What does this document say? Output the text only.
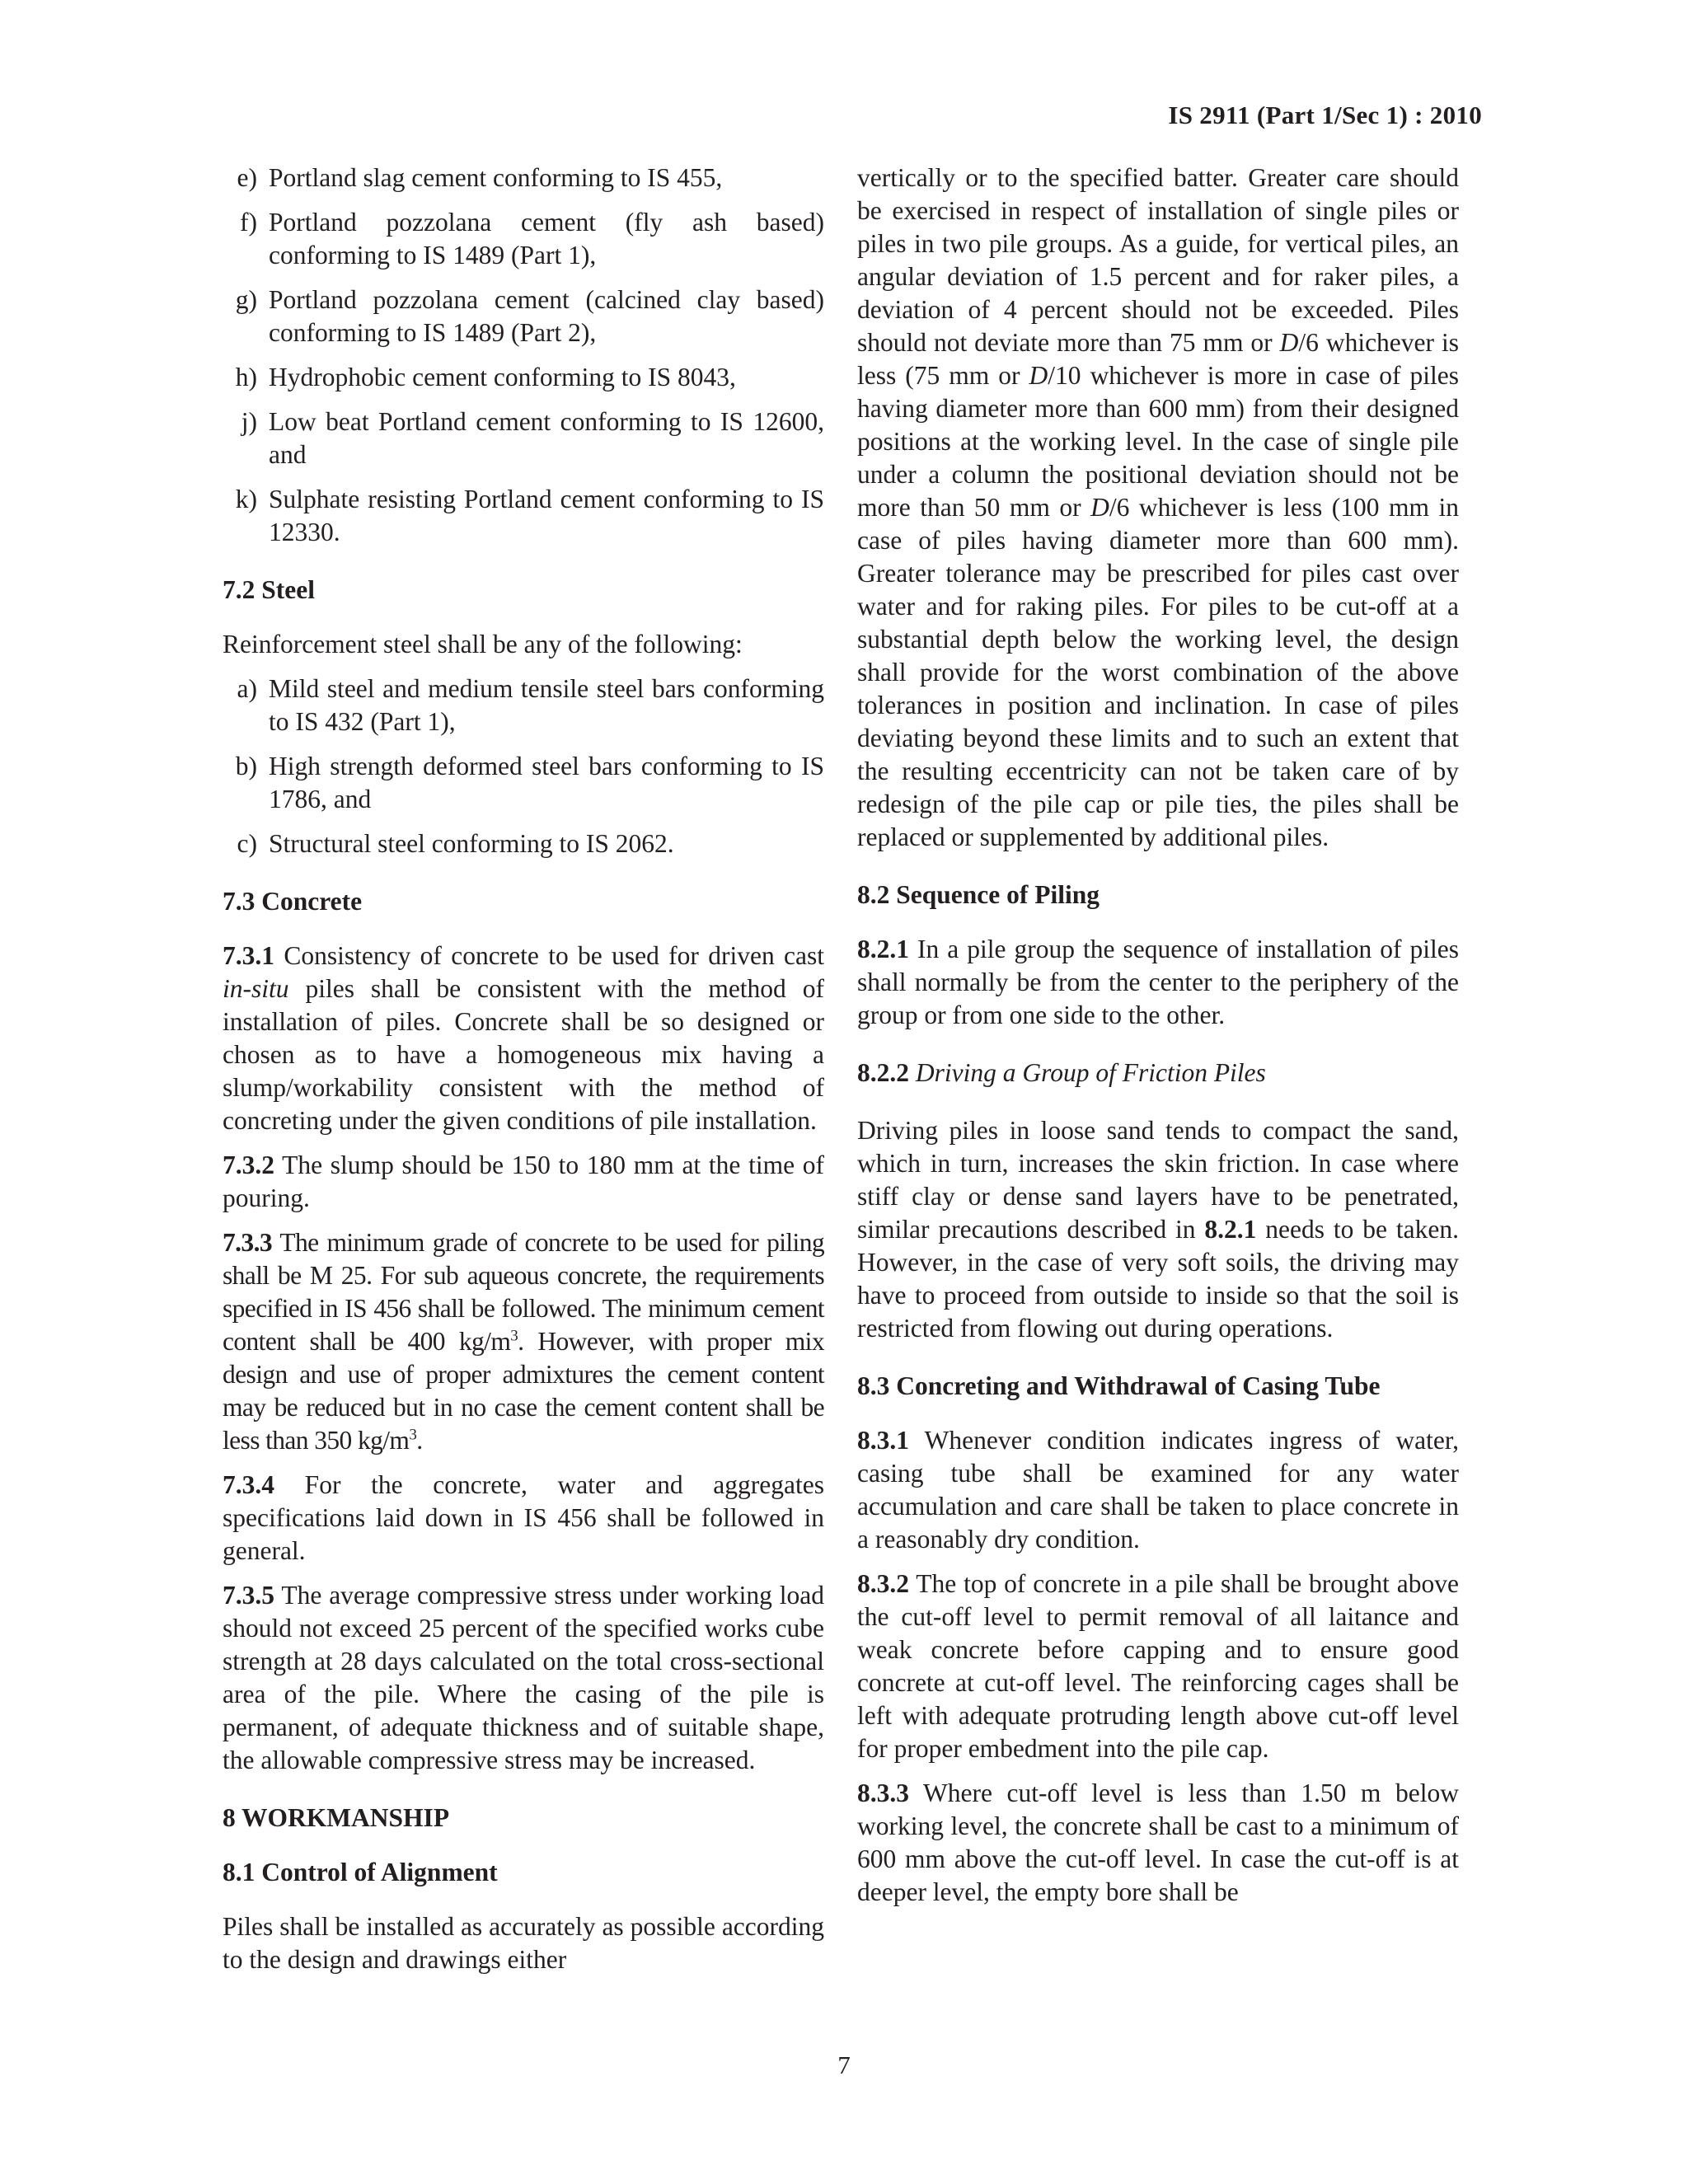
IS 2911 (Part 1/Sec 1) : 2010
e) Portland slag cement conforming to IS 455,
f) Portland pozzolana cement (fly ash based) conforming to IS 1489 (Part 1),
g) Portland pozzolana cement (calcined clay based) conforming to IS 1489 (Part 2),
h) Hydrophobic cement conforming to IS 8043,
j) Low beat Portland cement conforming to IS 12600, and
k) Sulphate resisting Portland cement conforming to IS 12330.
7.2 Steel

Reinforcement steel shall be any of the following:

a) Mild steel and medium tensile steel bars conforming to IS 432 (Part 1),
b) High strength deformed steel bars conforming to IS 1786, and
c) Structural steel conforming to IS 2062.
7.3 Concrete

7.3.1 Consistency of concrete to be used for driven cast in-situ piles shall be consistent with the method of installation of piles. Concrete shall be so designed or chosen as to have a homogeneous mix having a slump/workability consistent with the method of concreting under the given conditions of pile installation.

7.3.2 The slump should be 150 to 180 mm at the time of pouring.

7.3.3 The minimum grade of concrete to be used for piling shall be M 25. For sub aqueous concrete, the requirements specified in IS 456 shall be followed. The minimum cement content shall be 400 $kg/m^3$. However, with proper mix design and use of proper admixtures the cement content may be reduced but in no case the cement content shall be less than 350 $kg/m^3$.

7.3.4 For the concrete, water and aggregates specifications laid down in IS 456 shall be followed in general.

7.3.5 The average compressive stress under working load should not exceed 25 percent of the specified works cube strength at 28 days calculated on the total cross-sectional area of the pile. Where the casing of the pile is permanent, of adequate thickness and of suitable shape, the allowable compressive stress may be increased.

8 WORKMANSHIP
8.1 Control of Alignment

Piles shall be installed as accurately as possible according to the design and drawings either

vertically or to the specified batter. Greater care should be exercised in respect of installation of single piles or piles in two pile groups. As a guide, for vertical piles, an angular deviation of 1.5 percent and for raker piles, a deviation of 4 percent should not be exceeded. Piles should not deviate more than 75 mm or D/6 whichever is less (75 mm or D/10 whichever is more in case of piles having diameter more than 600 mm) from their designed positions at the working level. In the case of single pile under a column the positional deviation should not be more than 50 mm or D/6 whichever is less (100 mm in case of piles having diameter more than 600 mm). Greater tolerance may be prescribed for piles cast over water and for raking piles. For piles to be cut-off at a substantial depth below the working level, the design shall provide for the worst combination of the above tolerances in position and inclination. In case of piles deviating beyond these limits and to such an extent that the resulting eccentricity can not be taken care of by redesign of the pile cap or pile ties, the piles shall be replaced or supplemented by additional piles.

8.2 Sequence of Piling

8.2.1 In a pile group the sequence of installation of piles shall normally be from the center to the periphery of the group or from one side to the other.

8.2.2 Driving a Group of Friction Piles

Driving piles in loose sand tends to compact the sand, which in turn, increases the skin friction. In case where stiff clay or dense sand layers have to be penetrated, similar precautions described in 8.2.1 needs to be taken. However, in the case of very soft soils, the driving may have to proceed from outside to inside so that the soil is restricted from flowing out during operations.

8.3 Concreting and Withdrawal of Casing Tube

8.3.1 Whenever condition indicates ingress of water, casing tube shall be examined for any water accumulation and care shall be taken to place concrete in a reasonably dry condition.

8.3.2 The top of concrete in a pile shall be brought above the cut-off level to permit removal of all laitance and weak concrete before capping and to ensure good concrete at cut-off level. The reinforcing cages shall be left with adequate protruding length above cut-off level for proper embedment into the pile cap.

8.3.3 Where cut-off level is less than 1.50 m below working level, the concrete shall be cast to a minimum of 600 mm above the cut-off level. In case the cut-off is at deeper level, the empty bore shall be

7
